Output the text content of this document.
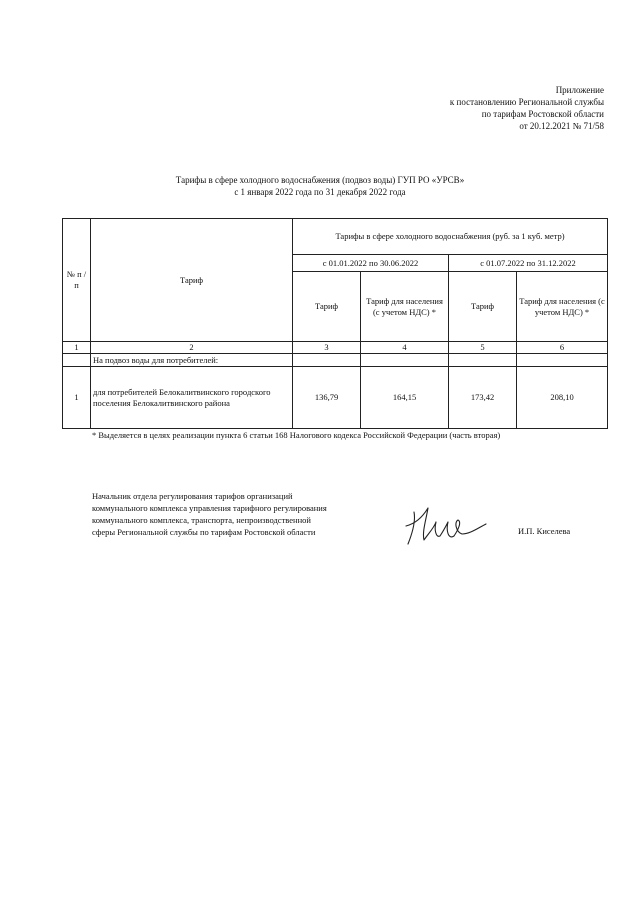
Приложение
к постановлению Региональной службы
по тарифам Ростовской области
от 20.12.2021 № 71/58
Тарифы в сфере холодного водоснабжения (подвоз воды) ГУП РО «УРСВ»
с 1 января 2022 года по 31 декабря 2022 года
№ п /п	Тариф	Тарифы в сфере холодного водоснабжения (руб. за 1 куб. метр)			
		с 01.01.2022 по 30.06.2022		с 01.07.2022 по 31.12.2022	
		Тариф	Тариф для населения (с учетом НДС) *	Тариф	Тариф для населения (с учетом НДС) *
1	2	3	4	5	6
	На подвоз воды для потребителей:				
1	для потребителей Белокалитвинского городского поселения Белокалитвинского района	136,79	164,15	173,42	208,10
* Выделяется в целях реализации пункта 6 статьи 168 Налогового кодекса Российской Федерации (часть вторая)
Начальник отдела регулирования тарифов организаций
коммунального комплекса управления тарифного регулирования
коммунального комплекса, транспорта, непроизводственной
сферы Региональной службы по тарифам Ростовской области	И.П. Киселева
